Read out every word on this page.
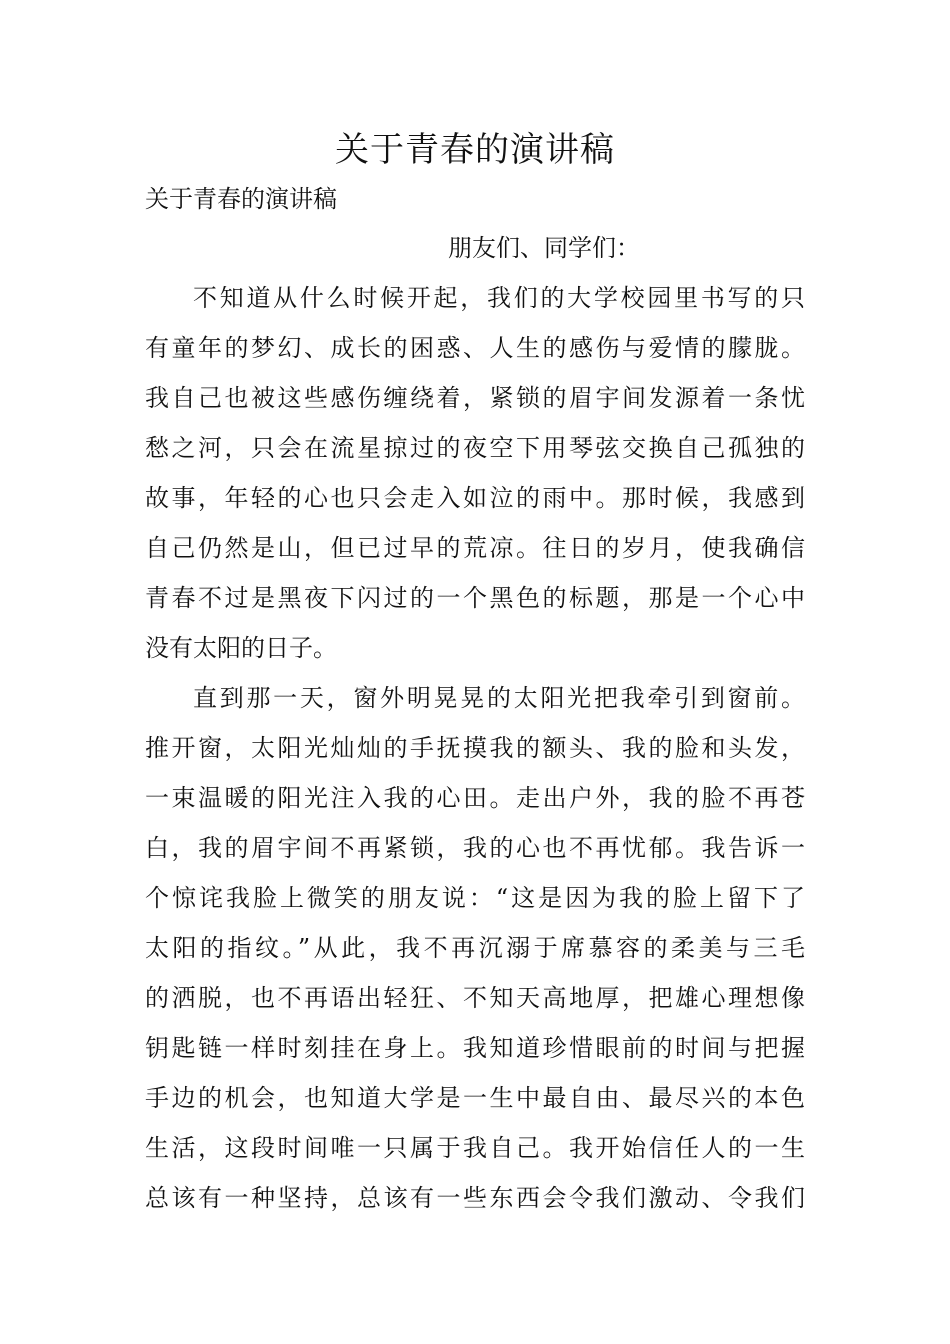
关于青春的演讲稿
关于青春的演讲稿
朋友们、同学们：
不知道从什么时候开起，我们的大学校园里书写的只
有童年的梦幻、成长的困惑、人生的感伤与爱情的朦胧。
我自己也被这些感伤缠绕着，紧锁的眉宇间发源着一条忧
愁之河，只会在流星掠过的夜空下用琴弦交换自己孤独的
故事，年轻的心也只会走入如泣的雨中。那时候，我感到
自己仍然是山，但已过早的荒凉。往日的岁月，使我确信
青春不过是黑夜下闪过的一个黑色的标题，那是一个心中
没有太阳的日子。
直到那一天，窗外明晃晃的太阳光把我牵引到窗前。
推开窗，太阳光灿灿的手抚摸我的额头、我的脸和头发，
一束温暖的阳光注入我的心田。走出户外，我的脸不再苍
白，我的眉宇间不再紧锁，我的心也不再忧郁。我告诉一
个惊诧我脸上微笑的朋友说：“这是因为我的脸上留下了
太阳的指纹。”从此，我不再沉溺于席慕容的柔美与三毛
的洒脱，也不再语出轻狂、不知天高地厚，把雄心理想像
钥匙链一样时刻挂在身上。我知道珍惜眼前的时间与把握
手边的机会，也知道大学是一生中最自由、最尽兴的本色
生活，这段时间唯一只属于我自己。我开始信任人的一生
总该有一种坚持，总该有一些东西会令我们激动、令我们
